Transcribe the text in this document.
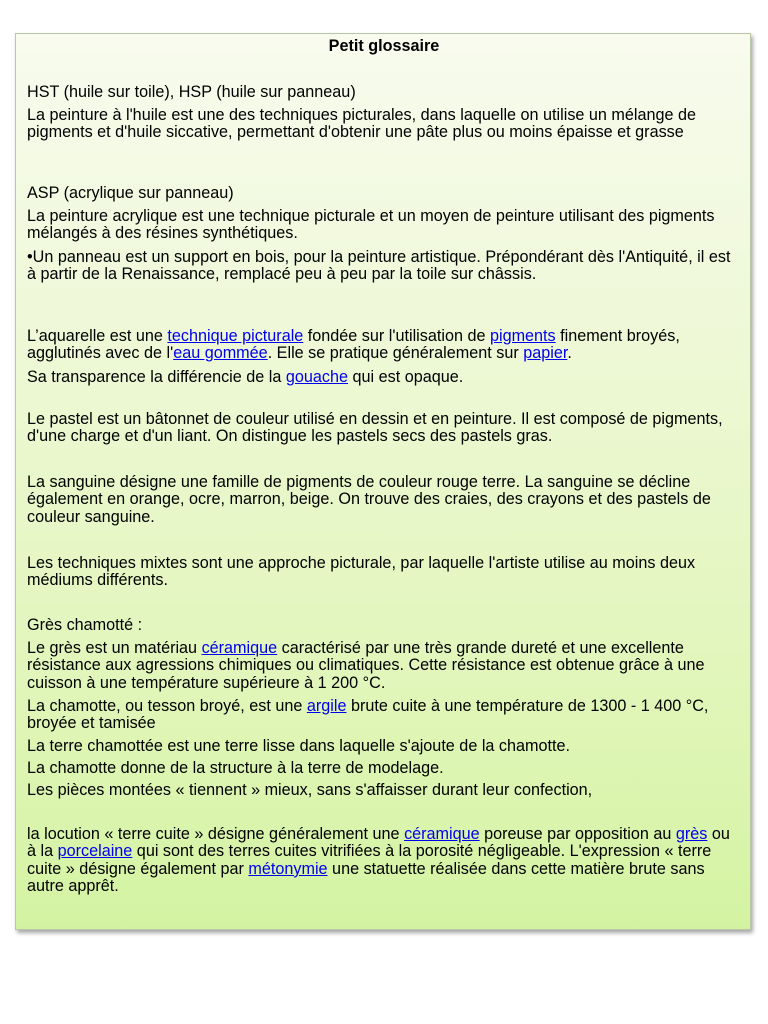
Petit glossaire

HST (huile sur toile), HSP (huile sur panneau)

La peinture à l'huile est une des techniques picturales, dans laquelle on utilise un mélange de pigments et d'huile siccative, permettant d'obtenir une pâte plus ou moins épaisse et grasse

ASP (acrylique sur panneau)

La peinture acrylique est une technique picturale et un moyen de peinture utilisant des pigments mélangés à des résines synthétiques.

•Un panneau est un support en bois, pour la peinture artistique. Prépondérant dès l'Antiquité, il est à partir de la Renaissance, remplacé peu à peu par la toile sur châssis.

L’aquarelle est une technique picturale fondée sur l'utilisation de pigments finement broyés, agglutinés avec de l'eau gommée. Elle se pratique généralement sur papier.

Sa transparence la différencie de la gouache qui est opaque.

Le pastel est un bâtonnet de couleur utilisé en dessin et en peinture. Il est composé de pigments, d'une charge et d'un liant. On distingue les pastels secs des pastels gras.

La sanguine désigne une famille de pigments de couleur rouge terre. La sanguine se décline également en orange, ocre, marron, beige. On trouve des craies, des crayons et des pastels de couleur sanguine.

Les techniques mixtes sont une approche picturale, par laquelle l'artiste utilise au moins deux médiums différents.

Grès chamotté :

Le grès est un matériau céramique caractérisé par une très grande dureté et une excellente résistance aux agressions chimiques ou climatiques. Cette résistance est obtenue grâce à une cuisson à une température supérieure à 1 200 °C.

La chamotte, ou tesson broyé, est une argile brute cuite à une température de 1300 - 1 400 °C, broyée et tamisée

La terre chamottée est une terre lisse dans laquelle s'ajoute de la chamotte.

La chamotte donne de la structure à la terre de modelage.

Les pièces montées « tiennent » mieux, sans s'affaisser durant leur confection,

la locution « terre cuite » désigne généralement une céramique poreuse par opposition au grès ou à la porcelaine qui sont des terres cuites vitrifiées à la porosité négligeable. L'expression « terre cuite » désigne également par métonymie une statuette réalisée dans cette matière brute sans autre apprêt.
